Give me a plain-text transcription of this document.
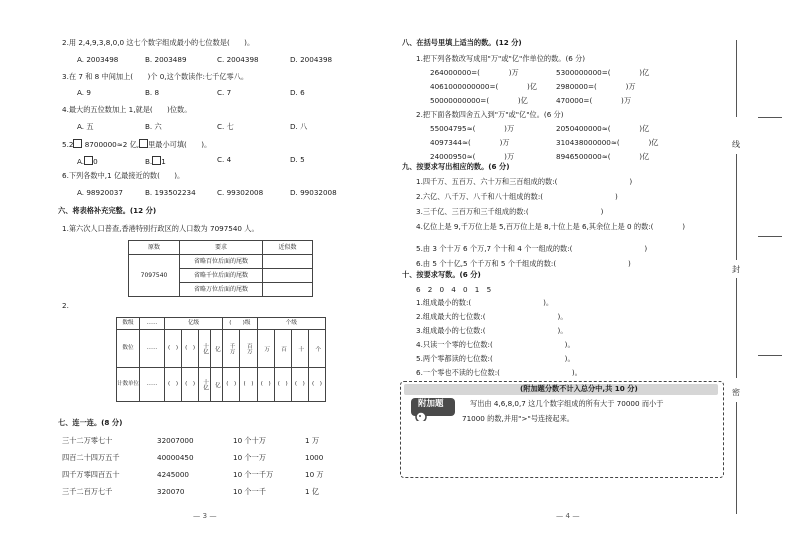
2.用 2,4,9,3,8,0,0 这七个数字组成最小的七位数是(　　)。
A. 2003498	B. 2003489	C. 2004398	D. 2004398
3.在 7 和 8 中间加上(　　)个 0,这个数读作:七千亿零八。
A. 9	B. 8	C. 7	D. 6
4.最大的五位数加上 1,就是(　　)位数。
A. 五	B. 六	C. 七	D. 八
5.2 8700000≈2 亿, 里最小可填(　　)。
A. 0	B. 1	C. 4	D. 5
6.下列各数中,1 亿最接近的数(　　)。
A. 98920037	B. 193502234	C. 99302008	D. 99032008
六、将表格补充完整。(12 分)
1.第六次人口普查,香港特别行政区的人口数为 7097540 人。
原数	要求	近似数
7097540	省略百位后面的尾数	
	省略千位后面的尾数	
	省略万位后面的尾数	
2.
数级	……	亿级				(　　)级		个级			
数位	……	(　)	(　)	十亿	亿	千万	百万	万	百	十	个
计数单位	……	(　)	(　)	十亿	亿	(　)	(　)	(　)	(　)	(　)	(　)
七、连一连。(8 分)
三十二万零七十	32007000	10 个十万	1 万
四百二十四万五千	40000450	10 个一万	1000
四千万零四百五十	4245000	10 个一千万	10 万
三千二百万七千	320070	10 个一千	1 亿
— 3 —
八、在括号里填上适当的数。(12 分)
1.把下列各数改写成用"万"或"亿"作单位的数。(6 分)
264000000=(　　　　)万	5300000000=(　　　　)亿
4061000000000=(　　　　)亿	2980000=(　　　　)万
50000000000=(　　　　)亿	470000=(　　　　)万
2.把下面各数四舍五入到"万"或"亿"位。(6 分)
55004795≈(　　　　)万	2050400000≈(　　　　)亿
4097344≈(　　　　)万	310438000000≈(　　　　)亿
24000950≈(　　　　)万	8946500000≈(　　　　)亿
九、按要求写出相应的数。(6 分)
1.四千万、五百万、六十万和三百组成的数:(　　　　　　　　　　)
2.六亿、八千万、八千和八十组成的数:(　　　　　　　　　　)
3.三千亿、三百万和三千组成的数:(　　　　　　　　　　)
4.亿位上是 9,千万位上是 5,百万位上是 8,十位上是 6,其余位上是 0 的数:(　　　　)
5.由 3 个十万 6 个万,7 个十和 4 个一组成的数:(　　　　　　　　　　)
6.由 5 个十亿,5 个千万和 5 个千组成的数:(　　　　　　　　　　)
十、按要求写数。(6 分)
6　2　0　4　0　1　5
1.组成最小的数:(　　　　　　　　　　)。
2.组成最大的七位数:(　　　　　　　　　　)。
3.组成最小的七位数:(　　　　　　　　　　)。
4.只读一个零的七位数:(　　　　　　　　　　)。
5.两个零都读的七位数:(　　　　　　　　　　)。
6.一个零也不读的七位数:(　　　　　　　　　　)。
(附加题分数不计入总分中,共 10 分)
附加题	写出由 4,6,8,0,7 这几个数字组成的所有大于 70000 而小于
71000 的数,并用">"号连接起来。
— 4 —
线
封
密
